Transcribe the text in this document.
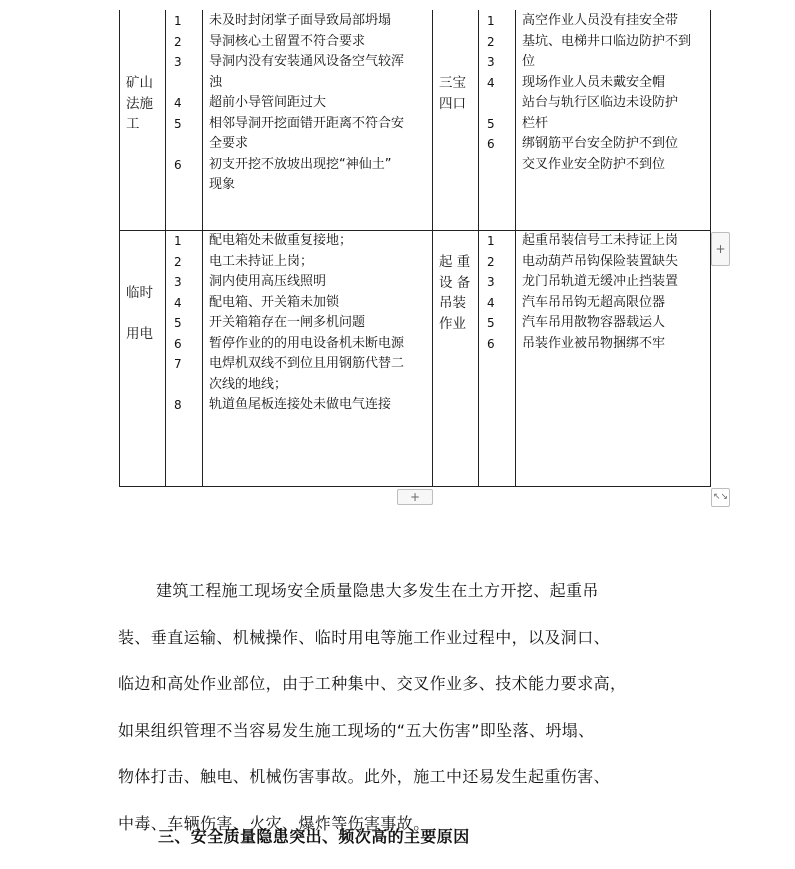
矿山
法施
工
1
2
3
4
5
6
未及时封闭掌子面导致局部坍塌
导洞核心土留置不符合要求
导洞内没有安装通风设备空气较浑
浊
超前小导管间距过大
相邻导洞开挖面错开距离不符合安
全要求
初支开挖不放坡出现挖“神仙土”
现象
三宝
四口
1
2
3
4
5
6
高空作业人员没有挂安全带
基坑、电梯井口临边防护不到
位
现场作业人员未戴安全帽
站台与轨行区临边未设防护
栏杆
绑钢筋平台安全防护不到位
交叉作业安全防护不到位
临时
用电
1
2
3
4
5
6
7
8
配电箱处未做重复接地；
电工未持证上岗；
洞内使用高压线照明
配电箱、开关箱未加锁
开关箱箱存在一闸多机问题
暂停作业的的用电设备机未断电源
电焊机双线不到位且用钢筋代替二
次线的地线；
轨道鱼尾板连接处未做电气连接
起 重
设 备
吊装
作业
1
2
3
4
5
6
起重吊装信号工未持证上岗
电动葫芦吊钩保险装置缺失
龙门吊轨道无缓冲止挡装置
汽车吊吊钩无超高限位器
汽车吊用散物容器载运人
吊装作业被吊物捆绑不牢
+
+	↖↘
建筑工程施工现场安全质量隐患大多发生在土方开挖、起重吊
装、垂直运输、机械操作、临时用电等施工作业过程中，以及洞口、
临边和高处作业部位，由于工种集中、交叉作业多、技术能力要求高，
如果组织管理不当容易发生施工现场的“五大伤害”即坠落、坍塌、
物体打击、触电、机械伤害事故。此外，施工中还易发生起重伤害、
中毒、车辆伤害、火灾、爆炸等伤害事故。
三、安全质量隐患突出、频次高的主要原因
